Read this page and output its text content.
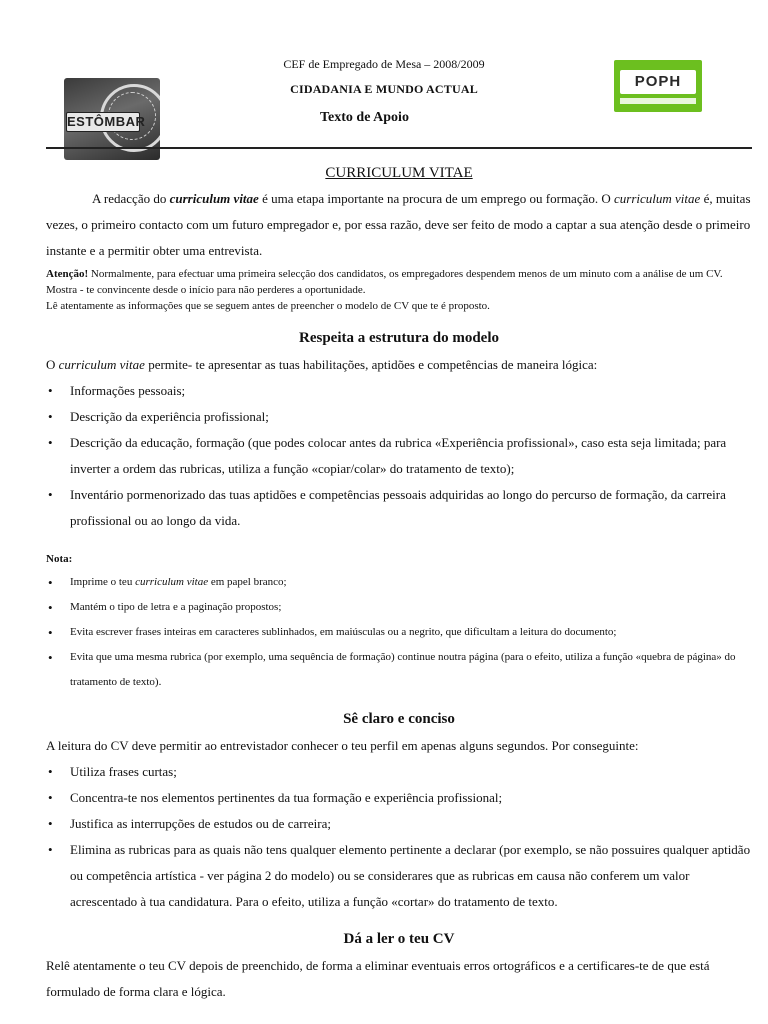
ESTÔMBAR
CEF de Empregado de Mesa – 2008/2009
CIDADANIA E MUNDO ACTUAL
Texto de Apoio
POPH
CURRICULUM VITAE

A redacção do curriculum vitae é uma etapa importante na procura de um emprego ou formação. O curriculum vitae é, muitas vezes, o primeiro contacto com um futuro empregador e, por essa razão, deve ser feito de modo a captar a sua atenção desde o primeiro instante e a permitir obter uma entrevista.

Atenção! Normalmente, para efectuar uma primeira selecção dos candidatos, os empregadores despendem menos de um minuto com a análise de um CV. Mostra - te convincente desde o início para não perderes a oportunidade.
Lê atentamente as informações que se seguem antes de preencher o modelo de CV que te é proposto.

Respeita a estrutura do modelo

O curriculum vitae permite- te apresentar as tuas habilitações, aptidões e competências de maneira lógica:

• Informações pessoais;
• Descrição da experiência profissional;
• Descrição da educação, formação (que podes colocar antes da rubrica «Experiência profissional», caso esta seja limitada; para inverter a ordem das rubricas, utiliza a função «copiar/colar» do tratamento de texto);
• Inventário pormenorizado das tuas aptidões e competências pessoais adquiridas ao longo do percurso de formação, da carreira profissional ou ao longo da vida.

Nota:

• Imprime o teu curriculum vitae em papel branco;
• Mantém o tipo de letra e a paginação propostos;
• Evita escrever frases inteiras em caracteres sublinhados, em maiúsculas ou a negrito, que dificultam a leitura do documento;
• Evita que uma mesma rubrica (por exemplo, uma sequência de formação) continue noutra página (para o efeito, utiliza a função «quebra de página» do tratamento de texto).
Sê claro e conciso

A leitura do CV deve permitir ao entrevistador conhecer o teu perfil em apenas alguns segundos. Por conseguinte:

• Utiliza frases curtas;
• Concentra-te nos elementos pertinentes da tua formação e experiência profissional;
• Justifica as interrupções de estudos ou de carreira;
• Elimina as rubricas para as quais não tens qualquer elemento pertinente a declarar (por exemplo, se não possuires qualquer aptidão ou competência artística - ver página 2 do modelo) ou se considerares que as rubricas em causa não conferem um valor acrescentado à tua candidatura. Para o efeito, utiliza a função «cortar» do tratamento de texto.
Dá a ler o teu CV

Relê atentamente o teu CV depois de preenchido, de forma a eliminar eventuais erros ortográficos e a certificares-te de que está formulado de forma clara e lógica.
